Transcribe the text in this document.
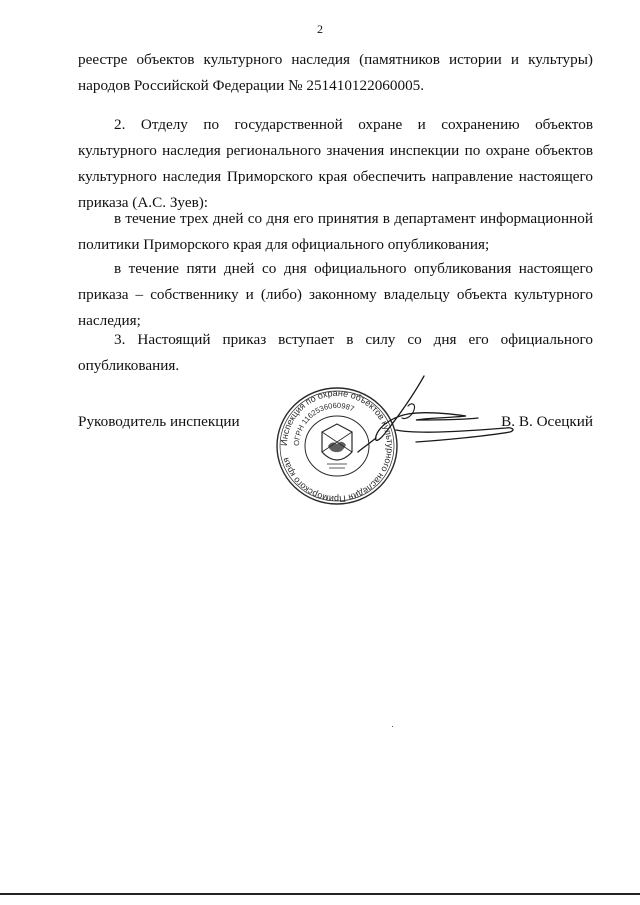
2

реестре объектов культурного наследия (памятников истории и культуры) народов Российской Федерации № 251410122060005.

2. Отделу по государственной охране и сохранению объектов культурного наследия регионального значения инспекции по охране объектов культурного наследия Приморского края обеспечить направление настоящего приказа (А.С. Зуев):

в течение трех дней со дня его принятия в департамент информационной политики Приморского края для официального опубликования;

в течение пяти дней со дня официального опубликования настоящего приказа – собственнику и (либо) законному владельцу объекта культурного наследия;

3. Настоящий приказ вступает в силу со дня его официального опубликования.

Руководитель инспекции
Инспекция по охране объектов культурного наследия Приморского края
ОГРН 1162536060987
В. В. Осецкий
